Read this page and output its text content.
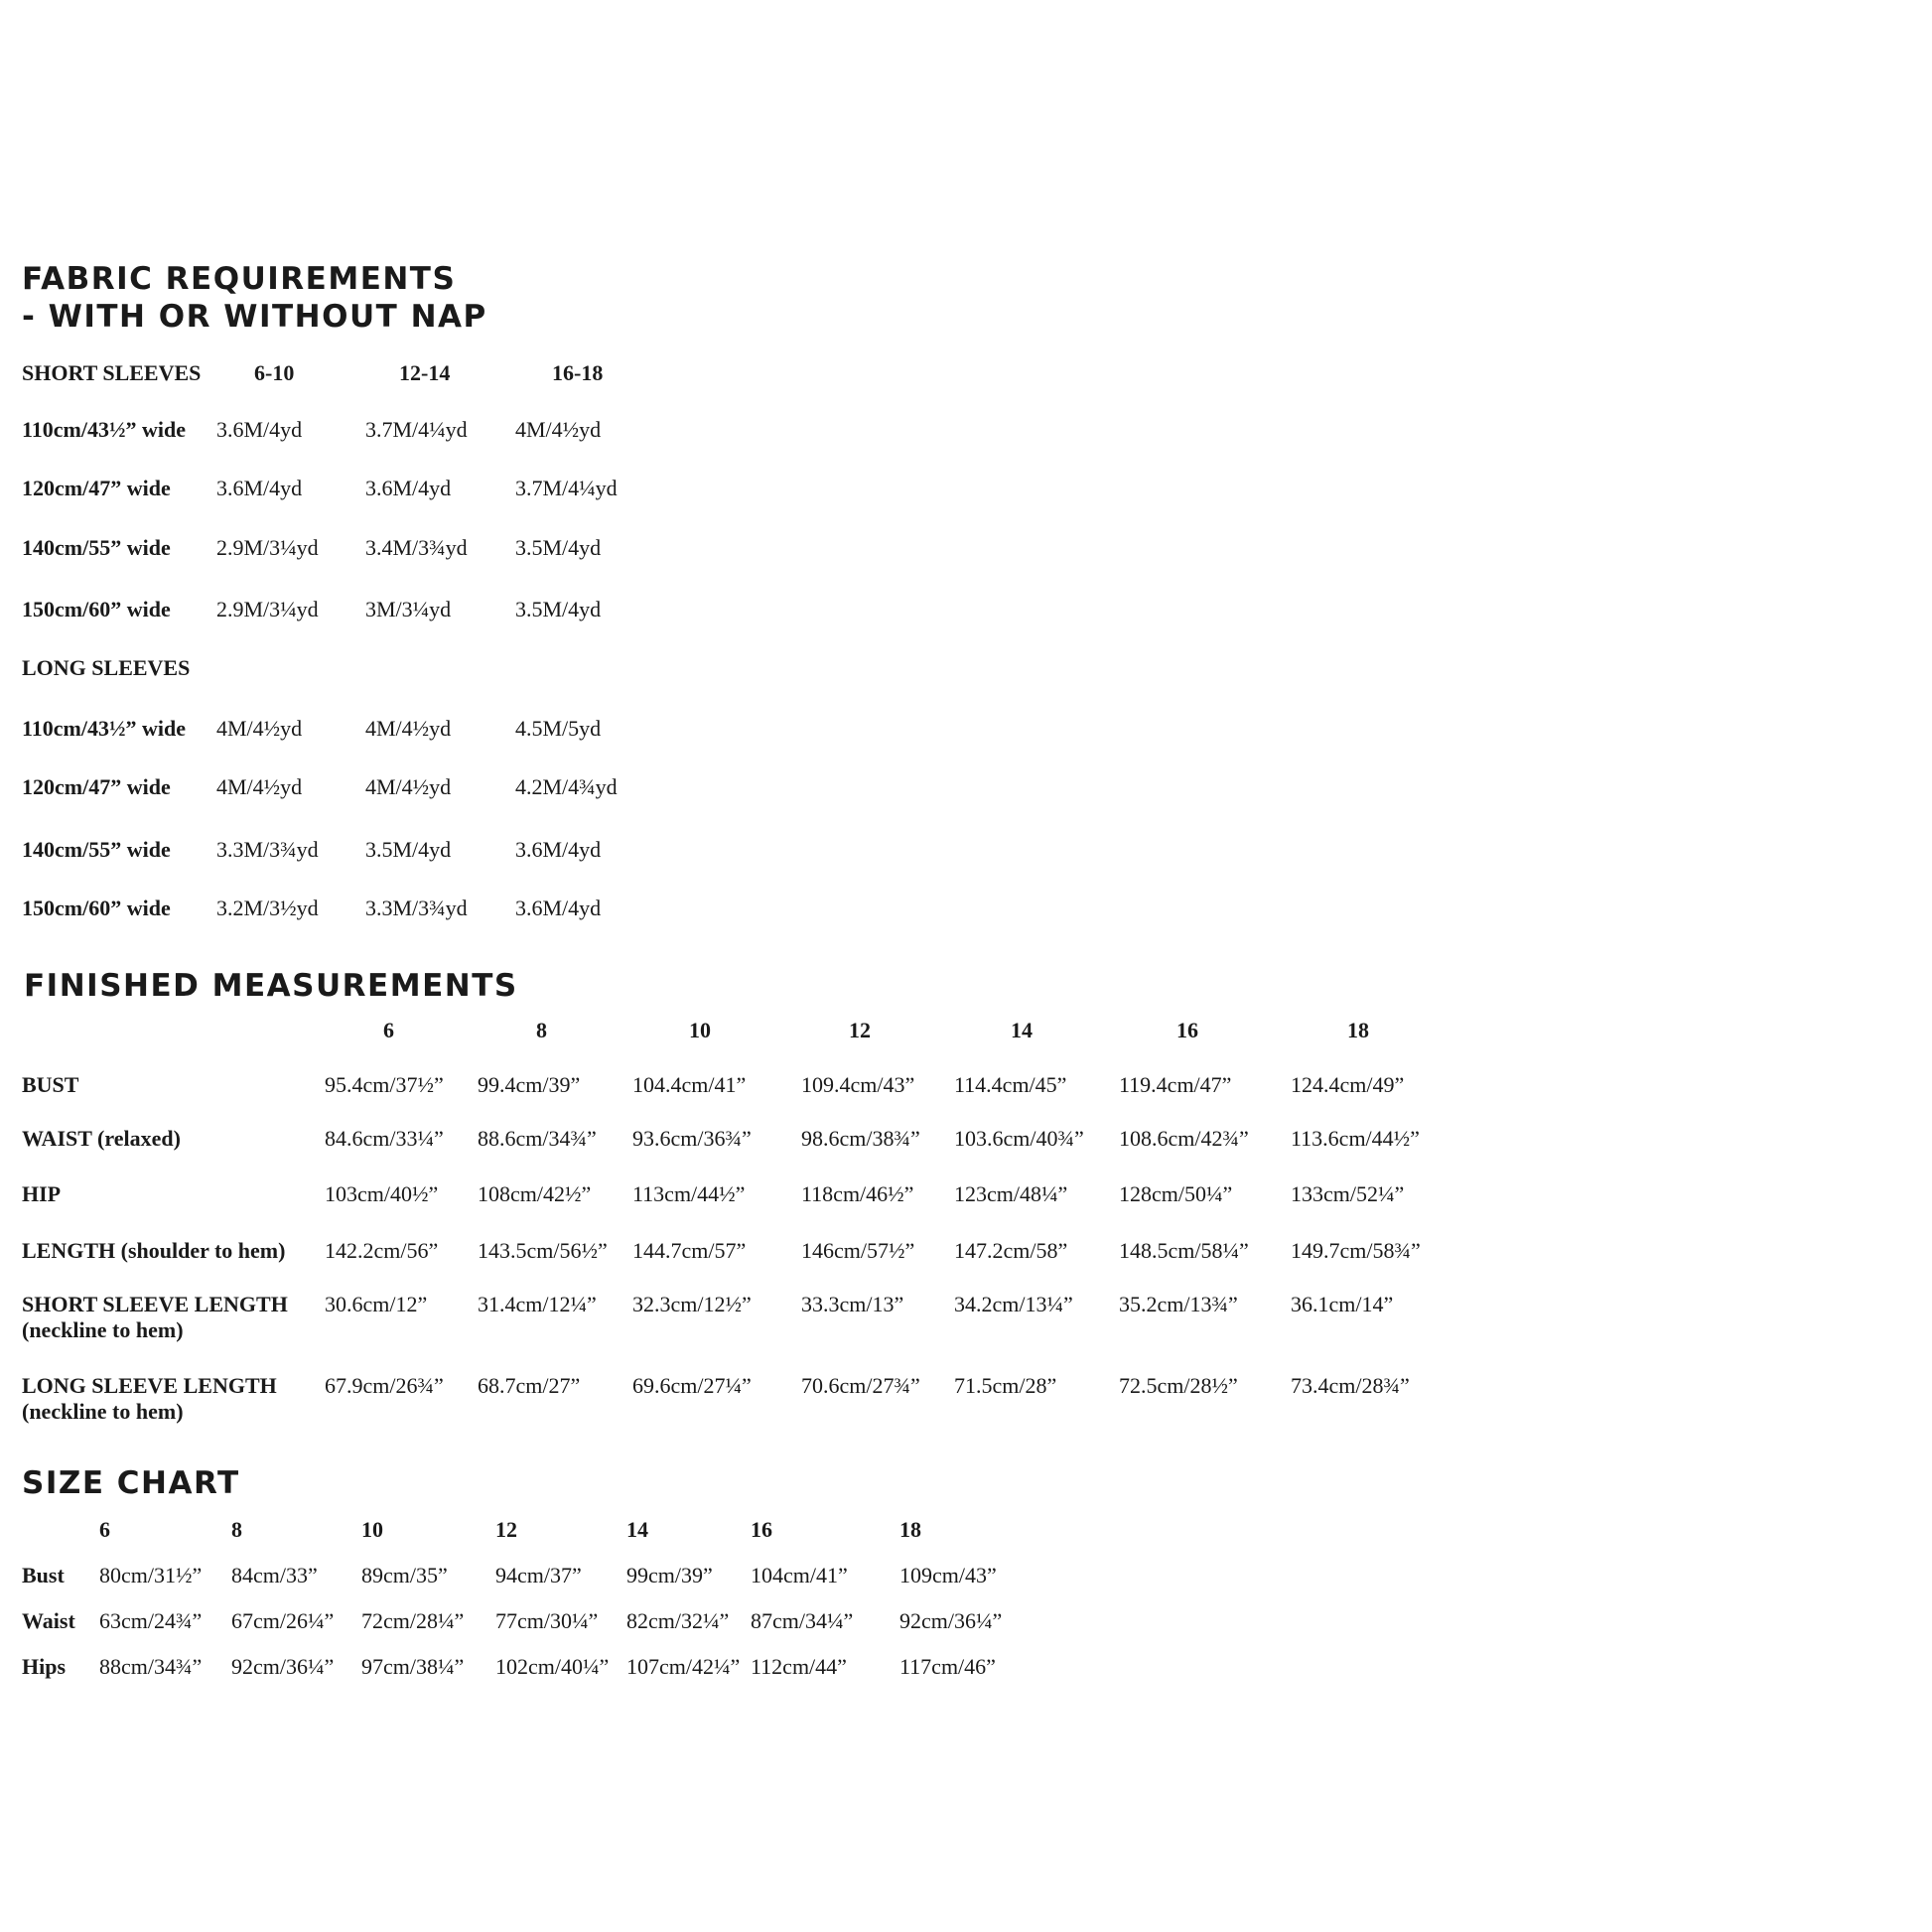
FABRIC REQUIREMENTS
- WITH OR WITHOUT NAP
SHORT SLEEVES 6-10	12-14	16-18
110cm/43½” wide 3.6M/4yd	3.7M/4¼yd 4M/4½yd
120cm/47” wide 3.6M/4yd	3.6M/4yd	3.7M/4¼yd
140cm/55” wide 2.9M/3¼yd 3.4M/3¾yd 3.5M/4yd
150cm/60” wide 2.9M/3¼yd 3M/3¼yd	3.5M/4yd
LONG SLEEVES
110cm/43½” wide 4M/4½yd	4M/4½yd	4.5M/5yd
120cm/47” wide 4M/4½yd	4M/4½yd	4.2M/4¾yd
140cm/55” wide 3.3M/3¾yd 3.5M/4yd	3.6M/4yd
150cm/60” wide 3.2M/3½yd 3.3M/3¾yd 3.6M/4yd
FINISHED MEASUREMENTS
6	8	10	12	14	16	18
BUST	95.4cm/37½” 99.4cm/39” 104.4cm/41”	109.4cm/43” 114.4cm/45” 119.4cm/47”	124.4cm/49”
WAIST (relaxed)	84.6cm/33¼” 88.6cm/34¾” 93.6cm/36¾” 98.6cm/38¾” 103.6cm/40¾” 108.6cm/42¾” 113.6cm/44½”
HIP	103cm/40½” 108cm/42½” 113cm/44½”	118cm/46½” 123cm/48¼” 128cm/50¼”	133cm/52¼”
LENGTH (shoulder to hem) 142.2cm/56” 143.5cm/56½” 144.7cm/57”	146cm/57½” 147.2cm/58” 148.5cm/58¼” 149.7cm/58¾”
SHORT SLEEVE LENGTH (neckline to hem)
30.6cm/12” 31.4cm/12¼” 32.3cm/12½” 33.3cm/13” 34.2cm/13¼” 35.2cm/13¾” 36.1cm/14”
LONG SLEEVE LENGTH (neckline to hem)
67.9cm/26¾” 68.7cm/27” 69.6cm/27¼” 70.6cm/27¾” 71.5cm/28”	72.5cm/28½” 73.4cm/28¾”
SIZE CHART
6	8	10	12	14	16	18
Bust 80cm/31½” 84cm/33” 89cm/35” 94cm/37” 99cm/39” 104cm/41” 109cm/43”
Waist 63cm/24¾” 67cm/26¼” 72cm/28¼” 77cm/30¼” 82cm/32¼” 87cm/34¼” 92cm/36¼”
Hips 88cm/34¾” 92cm/36¼” 97cm/38¼” 102cm/40¼” 107cm/42¼” 112cm/44” 117cm/46”
